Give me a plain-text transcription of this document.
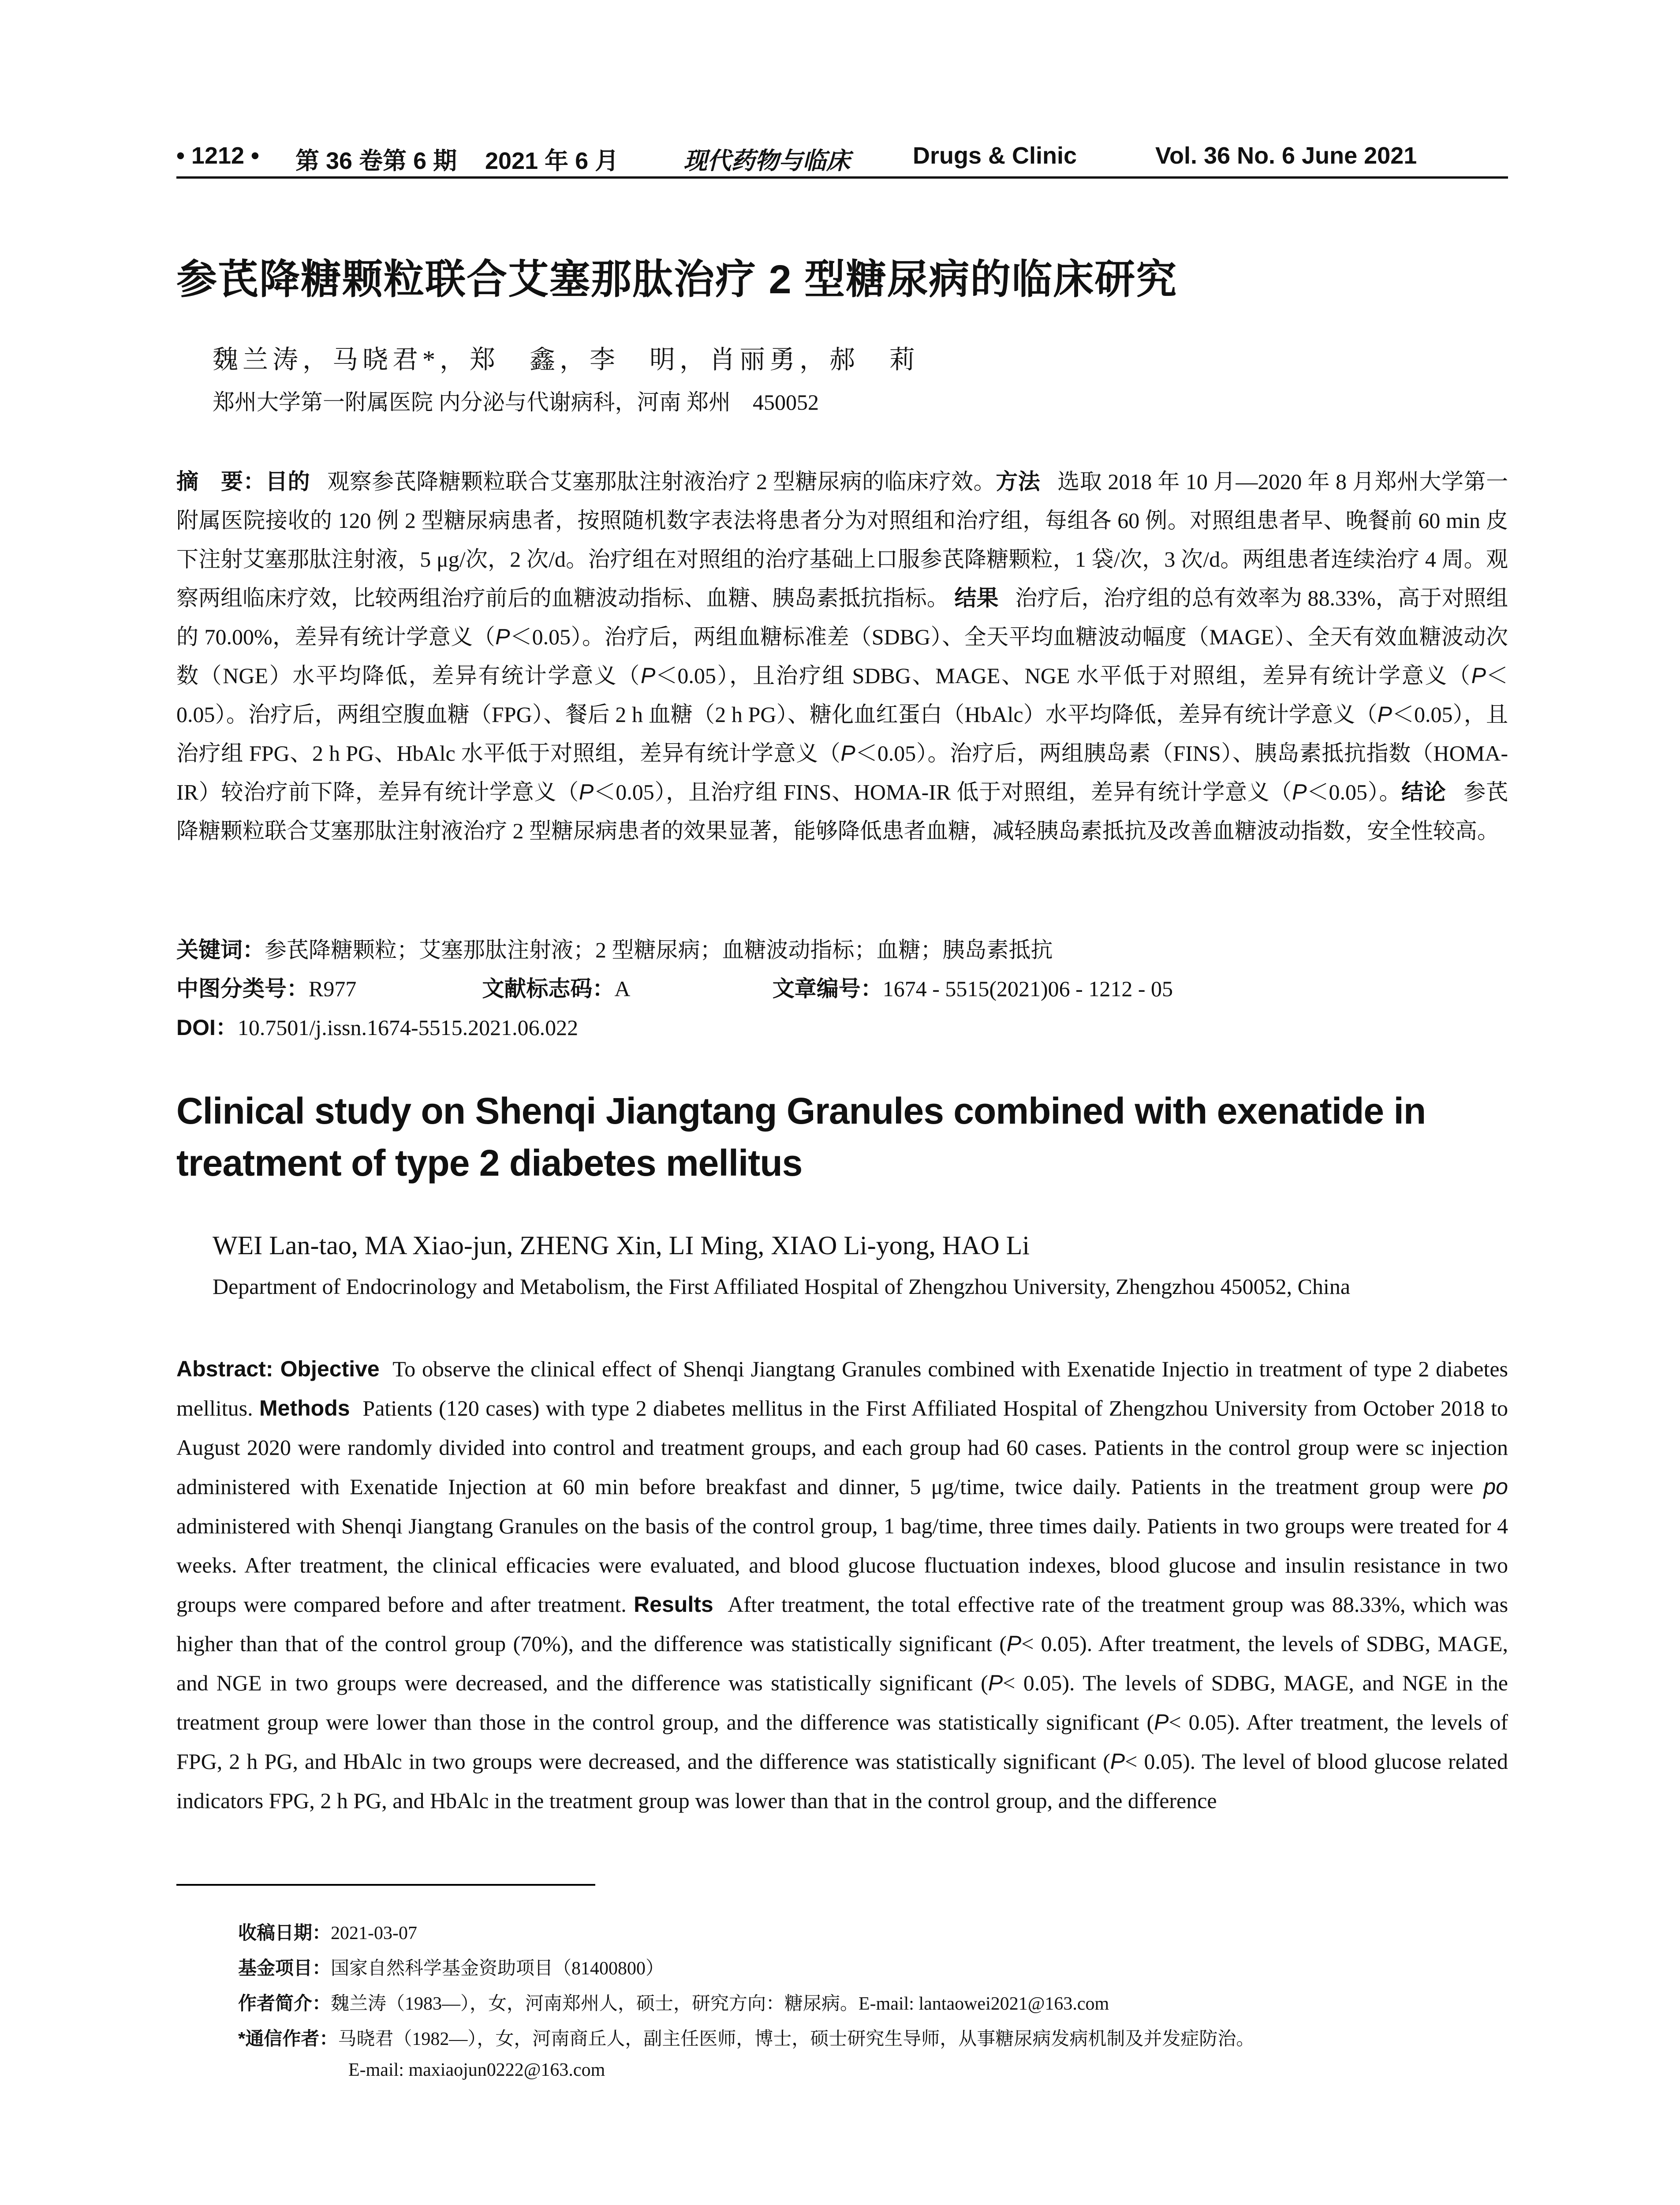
• 1212 • 第 36 卷第 6 期 2021 年 6 月	现代药物与临床	Drugs & Clinic	Vol. 36 No. 6 June 2021
参芪降糖颗粒联合艾塞那肽治疗 2 型糖尿病的临床研究
魏兰涛，马晓君*，郑　鑫，李　明，肖丽勇，郝　莉
郑州大学第一附属医院 内分泌与代谢病科，河南 郑州　450052
摘　要：目的 观察参芪降糖颗粒联合艾塞那肽注射液治疗 2 型糖尿病的临床疗效。方法 选取 2018 年 10 月—2020 年 8 月郑州大学第一附属医院接收的 120 例 2 型糖尿病患者，按照随机数字表法将患者分为对照组和治疗组，每组各 60 例。对照组患者早、晚餐前 60 min 皮下注射艾塞那肽注射液，5 μg/次，2 次/d。治疗组在对照组的治疗基础上口服参芪降糖颗粒，1 袋/次，3 次/d。两组患者连续治疗 4 周。观察两组临床疗效，比较两组治疗前后的血糖波动指标、血糖、胰岛素抵抗指标。 结果 治疗后，治疗组的总有效率为 88.33%，高于对照组的 70.00%，差异有统计学意义（P＜0.05）。治疗后，两组血糖标准差（SDBG）、全天平均血糖波动幅度（MAGE）、全天有效血糖波动次数（NGE）水平均降低，差异有统计学意义（P＜0.05），且治疗组 SDBG、MAGE、NGE 水平低于对照组，差异有统计学意义（P＜0.05）。治疗后，两组空腹血糖（FPG）、餐后 2 h 血糖（2 h PG）、糖化血红蛋白（HbAlc）水平均降低，差异有统计学意义（P＜0.05），且治疗组 FPG、2 h PG、HbAlc 水平低于对照组，差异有统计学意义（P＜0.05）。治疗后，两组胰岛素（FINS）、胰岛素抵抗指数（HOMA-IR）较治疗前下降，差异有统计学意义（P＜0.05），且治疗组 FINS、HOMA-IR 低于对照组，差异有统计学意义（P＜0.05）。结论 参芪降糖颗粒联合艾塞那肽注射液治疗 2 型糖尿病患者的效果显著，能够降低患者血糖，减轻胰岛素抵抗及改善血糖波动指数，安全性较高。
关键词：参芪降糖颗粒；艾塞那肽注射液；2 型糖尿病；血糖波动指标；血糖；胰岛素抵抗
中图分类号：R977	文献标志码：A	文章编号：1674 - 5515(2021)06 - 1212 - 05
DOI：10.7501/j.issn.1674-5515.2021.06.022
Clinical study on Shenqi Jiangtang Granules combined with exenatide in treatment of type 2 diabetes mellitus
WEI Lan-tao, MA Xiao-jun, ZHENG Xin, LI Ming, XIAO Li-yong, HAO Li
Department of Endocrinology and Metabolism, the First Affiliated Hospital of Zhengzhou University, Zhengzhou 450052, China
Abstract: Objective To observe the clinical effect of Shenqi Jiangtang Granules combined with Exenatide Injectio in treatment of type 2 diabetes mellitus. Methods Patients (120 cases) with type 2 diabetes mellitus in the First Affiliated Hospital of Zhengzhou University from October 2018 to August 2020 were randomly divided into control and treatment groups, and each group had 60 cases. Patients in the control group were sc injection administered with Exenatide Injection at 60 min before breakfast and dinner, 5 μg/time, twice daily. Patients in the treatment group were po administered with Shenqi Jiangtang Granules on the basis of the control group, 1 bag/time, three times daily. Patients in two groups were treated for 4 weeks. After treatment, the clinical efficacies were evaluated, and blood glucose fluctuation indexes, blood glucose and insulin resistance in two groups were compared before and after treatment. Results After treatment, the total effective rate of the treatment group was 88.33%, which was higher than that of the control group (70%), and the difference was statistically significant (P< 0.05). After treatment, the levels of SDBG, MAGE, and NGE in two groups were decreased, and the difference was statistically significant (P< 0.05). The levels of SDBG, MAGE, and NGE in the treatment group were lower than those in the control group, and the difference was statistically significant (P< 0.05). After treatment, the levels of FPG, 2 h PG, and HbAlc in two groups were decreased, and the difference was statistically significant (P< 0.05). The level of blood glucose related indicators FPG, 2 h PG, and HbAlc in the treatment group was lower than that in the control group, and the difference
收稿日期：2021-03-07
基金项目：国家自然科学基金资助项目（81400800）
作者简介：魏兰涛（1983—），女，河南郑州人，硕士，研究方向：糖尿病。E-mail: lantaowei2021@163.com
*通信作者：马晓君（1982—），女，河南商丘人，副主任医师，博士，硕士研究生导师，从事糖尿病发病机制及并发症防治。
E-mail: maxiaojun0222@163.com
